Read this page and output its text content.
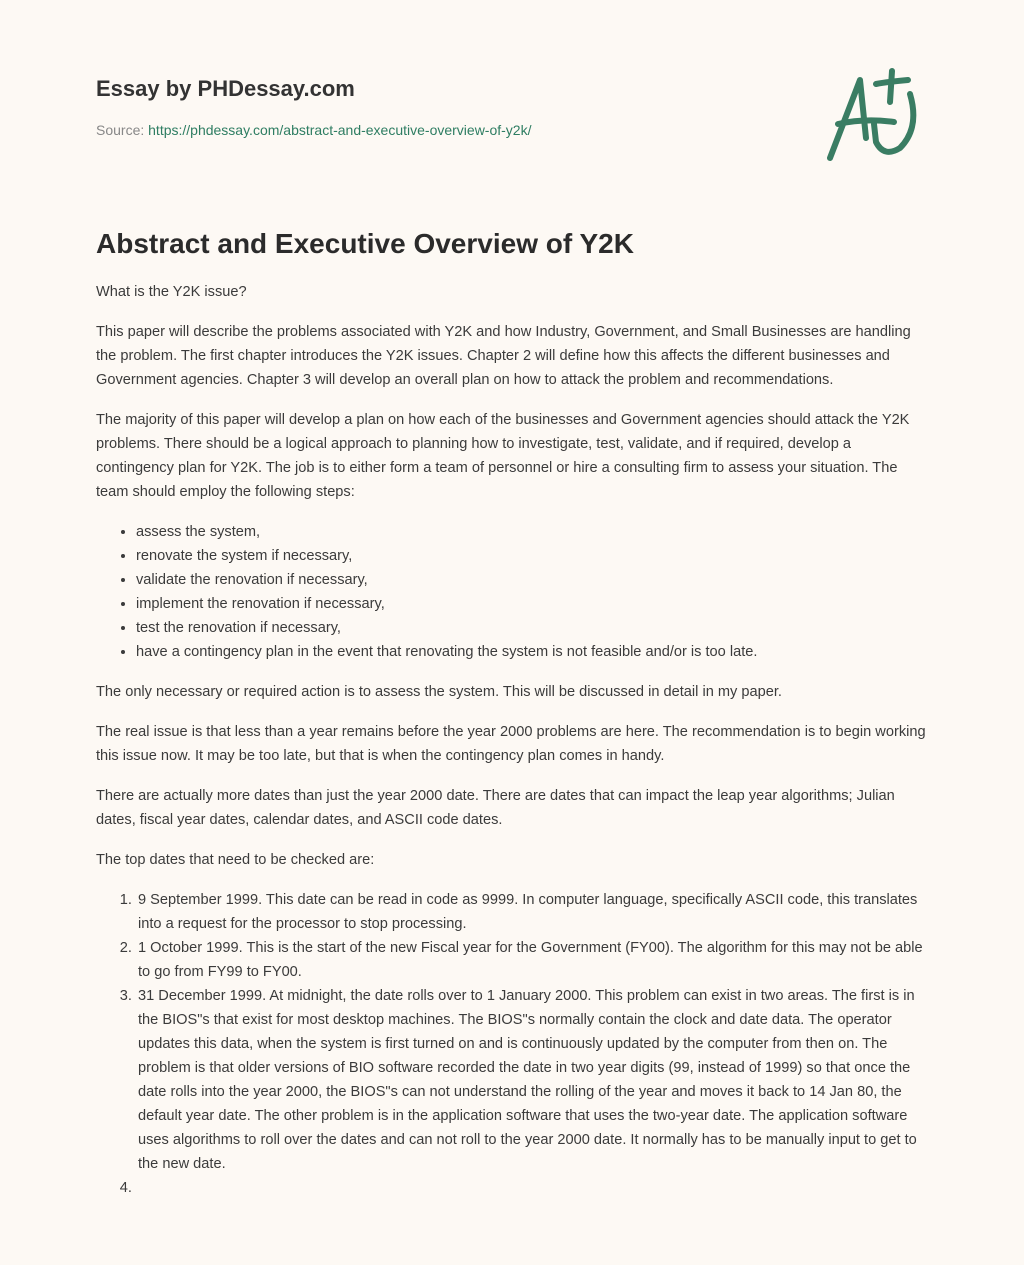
Essay by PHDessay.com
Source: https://phdessay.com/abstract-and-executive-overview-of-y2k/
Abstract and Executive Overview of Y2K

What is the Y2K issue?

This paper will describe the problems associated with Y2K and how Industry, Government, and Small Businesses are handling the problem. The first chapter introduces the Y2K issues. Chapter 2 will define how this affects the different businesses and Government agencies. Chapter 3 will develop an overall plan on how to attack the problem and recommendations.

The majority of this paper will develop a plan on how each of the businesses and Government agencies should attack the Y2K problems. There should be a logical approach to planning how to investigate, test, validate, and if required, develop a contingency plan for Y2K. The job is to either form a team of personnel or hire a consulting firm to assess your situation. The team should employ the following steps:

• assess the system,
• renovate the system if necessary,
• validate the renovation if necessary,
• implement the renovation if necessary,
• test the renovation if necessary,
• have a contingency plan in the event that renovating the system is not feasible and/or is too late.

The only necessary or required action is to assess the system. This will be discussed in detail in my paper.

The real issue is that less than a year remains before the year 2000 problems are here. The recommendation is to begin working this issue now. It may be too late, but that is when the contingency plan comes in handy.

There are actually more dates than just the year 2000 date. There are dates that can impact the leap year algorithms; Julian dates, fiscal year dates, calendar dates, and ASCII code dates.

The top dates that need to be checked are:

1. 9 September 1999. This date can be read in code as 9999. In computer language, specifically ASCII code, this translates into a request for the processor to stop processing.
2. 1 October 1999. This is the start of the new Fiscal year for the Government (FY00). The algorithm for this may not be able to go from FY99 to FY00.
3. 31 December 1999. At midnight, the date rolls over to 1 January 2000. This problem can exist in two areas. The first is in the BIOS"s that exist for most desktop machines. The BIOS"s normally contain the clock and date data. The operator updates this data, when the system is first turned on and is continuously updated by the computer from then on. The problem is that older versions of BIO software recorded the date in two year digits (99, instead of 1999) so that once the date rolls into the year 2000, the BIOS"s can not understand the rolling of the year and moves it back to 14 Jan 80, the default year date. The other problem is in the application software that uses the two-year date. The application software uses algorithms to roll over the dates and can not roll to the year 2000 date. It normally has to be manually input to get to the new date.
4.
